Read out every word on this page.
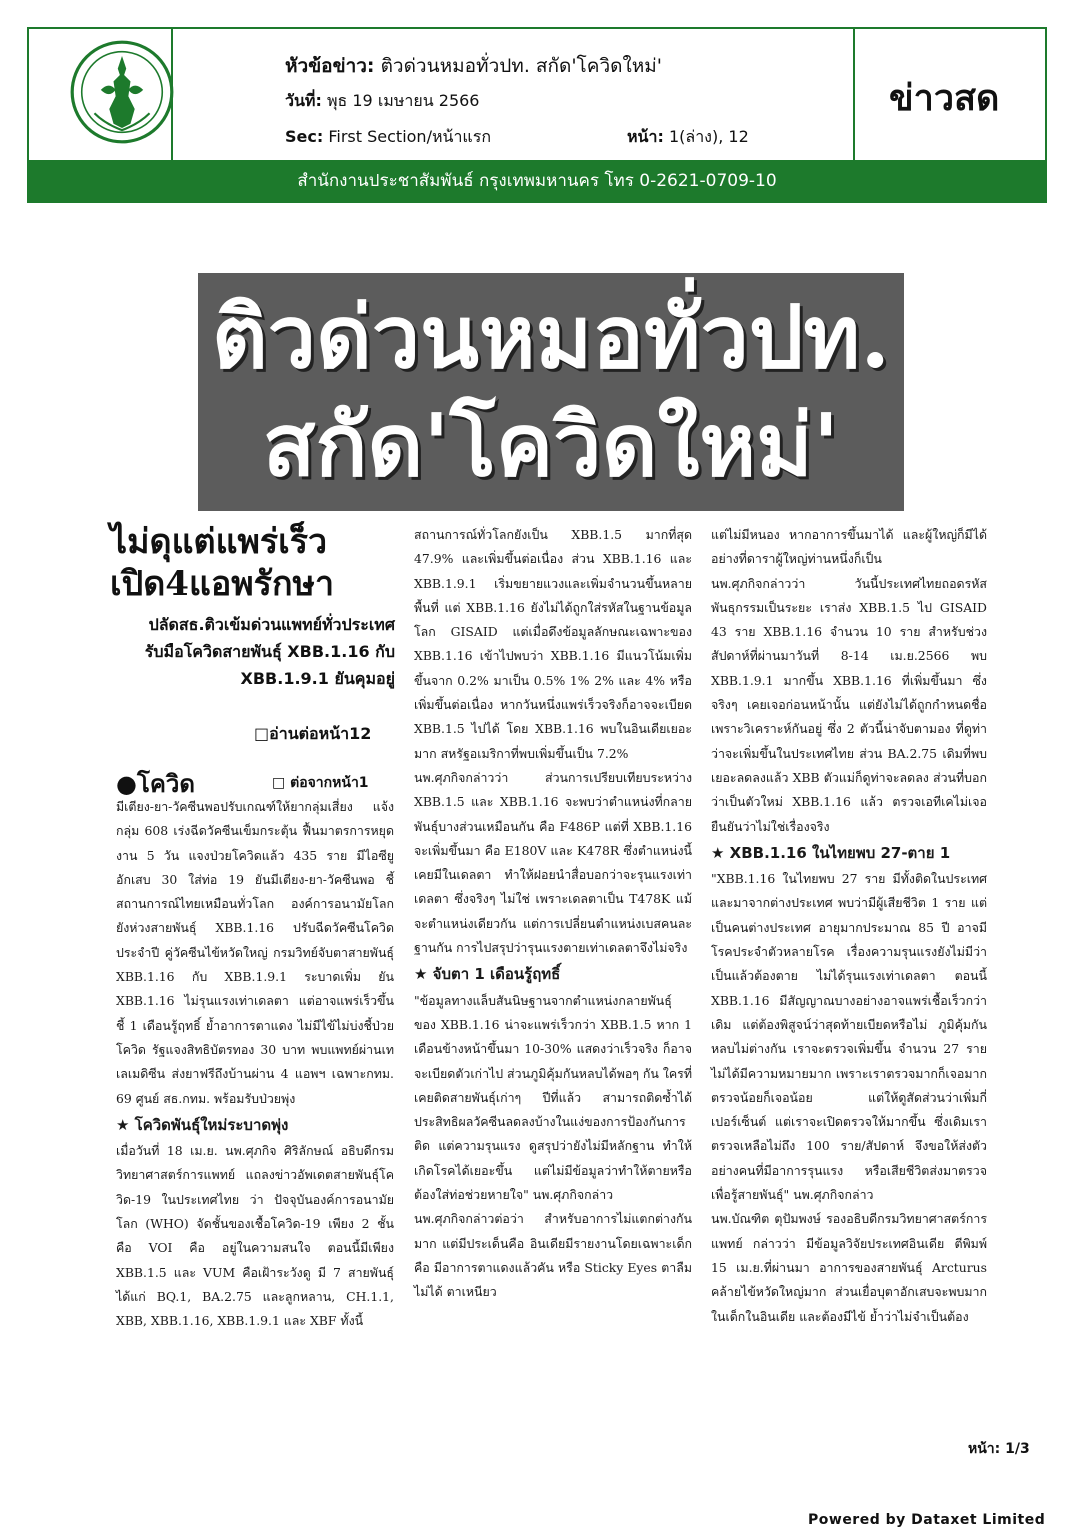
หัวข้อข่าว: ติวด่วนหมอทั่วปท. สกัด'โควิดใหม่'
วันที่: พุธ 19 เมษายน 2566
Sec: First Section/หน้าแรก	หน้า: 1(ล่าง), 12
ข่าวสด
สำนักงานประชาสัมพันธ์ กรุงเทพมหานคร โทร 0-2621-0709-10
ติวด่วนหมอทั่วปท.
สกัด'โควิดใหม่'
ไม่ดุแต่แพร่เร็ว
เปิด4แอพรักษา
ปลัดสธ.ติวเข้มด่วนแพทย์ทั่วประเทศ รับมือโควิดสายพันธุ์ XBB.1.16 กับ XBB.1.9.1 ยันคุมอยู่
□อ่านต่อหน้า12
●โควิด	□ ต่อจากหน้า1

มีเตียง-ยา-วัคซีนพอปรับเกณฑ์ให้ยากลุ่มเสี่ยง แจ้งกลุ่ม 608 เร่งฉีดวัคซีนเข็มกระตุ้น ฟื้นมาตรการหยุดงาน 5 วัน แจงป่วยโควิดแล้ว 435 ราย มีไอซียูอักเสบ 30 ใส่ท่อ 19 ยันมีเตียง-ยา-วัคซีนพอ ชี้สถานการณ์ไทยเหมือนทั่วโลก องค์การอนามัยโลกยังห่วงสายพันธุ์ XBB.1.16 ปรับฉีดวัคซีนโควิดประจำปี คู่วัคซีนไข้หวัดใหญ่ กรมวิทย์จับตาสายพันธุ์ XBB.1.16 กับ XBB.1.9.1 ระบาดเพิ่ม ยัน XBB.1.16 ไม่รุนแรงเท่าเดลตา แต่อาจแพร่เร็วขึ้น ชี้ 1 เดือนรู้ฤทธิ์ ย้ำอาการตาแดง ไม่มีไข้ไม่บ่งชี้ป่วยโควิด รัฐแจงสิทธิบัตรทอง 30 บาท พบแพทย์ผ่านเทเลเมดิซีน ส่งยาฟรีถึงบ้านผ่าน 4 แอพฯ เฉพาะกทม. 69 ศูนย์ สธ.กทม. พร้อมรับป่วยพุ่ง

★ โควิดพันธุ์ใหม่ระบาดพุ่ง

เมื่อวันที่ 18 เม.ย. นพ.ศุภกิจ ศิริลักษณ์ อธิบดีกรมวิทยาศาสตร์การแพทย์ แถลงข่าวอัพเดตสายพันธุ์โควิด-19 ในประเทศไทย ว่า ปัจจุบันองค์การอนามัยโลก (WHO) จัดชั้นของเชื้อโควิด-19 เพียง 2 ชั้น คือ VOI คือ อยู่ในความสนใจ ตอนนี้มีเพียง XBB.1.5 และ VUM คือเฝ้าระวังดู มี 7 สายพันธุ์ ได้แก่ BQ.1, BA.2.75 และลูกหลาน, CH.1.1, XBB, XBB.1.16, XBB.1.9.1 และ XBF ทั้งนี้

สถานการณ์ทั่วโลกยังเป็น XBB.1.5 มากที่สุด 47.9% และเพิ่มขึ้นต่อเนื่อง ส่วน XBB.1.16 และ XBB.1.9.1 เริ่มขยายแวงและเพิ่มจำนวนขึ้นหลายพื้นที่ แต่ XBB.1.16 ยังไม่ได้ถูกใส่รหัสในฐานข้อมูลโลก GISAID แต่เมื่อดึงข้อมูลลักษณะเฉพาะของ XBB.1.16 เข้าไปพบว่า XBB.1.16 มีแนวโน้มเพิ่มขึ้นจาก 0.2% มาเป็น 0.5% 1% 2% และ 4% หรือเพิ่มขึ้นต่อเนื่อง หากวันหนึ่งแพร่เร็วจริงก็อาจจะเบียด XBB.1.5 ไปได้ โดย XBB.1.16 พบในอินเดียเยอะมาก สหรัฐอเมริกาที่พบเพิ่มขึ้นเป็น 7.2%

นพ.ศุภกิจกล่าวว่า ส่วนการเปรียบเทียบระหว่าง XBB.1.5 และ XBB.1.16 จะพบว่าตำแหน่งที่กลายพันธุ์บางส่วนเหมือนกัน คือ F486P แต่ที่ XBB.1.16 จะเพิ่มขึ้นมา คือ E180V และ K478R ซึ่งตำแหน่งนี้เคยมีในเดลตา ทำให้ฝอยนำสื่อบอกว่าจะรุนแรงเท่าเดลตา ซึ่งจริงๆ ไม่ใช่ เพราะเดลตาเป็น T478K แม้จะตำแหน่งเดียวกัน แต่การเปลี่ยนตำแหน่งเบสคนละฐานกัน การไปสรุปว่ารุนแรงตายเท่าเดลตาจึงไม่จริง

★ จับตา 1 เดือนรู้ฤทธิ์

"ข้อมูลทางแล็บสันนิษฐานจากตำแหน่งกลายพันธุ์ของ XBB.1.16 น่าจะแพร่เร็วกว่า XBB.1.5 หาก 1 เดือนข้างหน้าขึ้นมา 10-30% แสดงว่าเร็วจริง ก็อาจจะเบียดตัวเก่าไป ส่วนภูมิคุ้มกันหลบได้พอๆ กัน ใครที่เคยติดสายพันธุ์เก่าๆ ปีที่แล้ว สามารถติดซ้ำได้ ประสิทธิผลวัคซีนลดลงบ้างในแง่ของการป้องกันการติด แต่ความรุนแรง ดูสรุปว่ายังไม่มีหลักฐาน ทำให้เกิดโรคได้เยอะขึ้น แต่ไม่มีข้อมูลว่าทำให้ตายหรือต้องใส่ท่อช่วยหายใจ" นพ.ศุภกิจกล่าว

นพ.ศุภกิจกล่าวต่อว่า สำหรับอาการไม่แตกต่างกันมาก แต่มีประเด็นคือ อินเดียมีรายงานโดยเฉพาะเด็ก คือ มีอาการตาแดงแล้วคัน หรือ Sticky Eyes ตาลืมไม่ได้ ตาเหนียว

แต่ไม่มีหนอง หากอาการขึ้นมาได้ และผู้ใหญ่ก็มีได้ อย่างที่ดาราผู้ใหญ่ท่านหนึ่งก็เป็น

นพ.ศุภกิจกล่าวว่า วันนี้ประเทศไทยถอดรหัสพันธุกรรมเป็นระยะ เราส่ง XBB.1.5 ไป GISAID 43 ราย XBB.1.16 จำนวน 10 ราย สำหรับช่วงสัปดาห์ที่ผ่านมาวันที่ 8-14 เม.ย.2566 พบ XBB.1.9.1 มากขึ้น XBB.1.16 ที่เพิ่มขึ้นมา ซึ่งจริงๆ เคยเจอก่อนหน้านั้น แต่ยังไม่ได้ถูกกำหนดชื่อเพราะวิเคราะห์กันอยู่ ซึ่ง 2 ตัวนี้น่าจับตามอง ที่ดูท่าว่าจะเพิ่มขึ้นในประเทศไทย ส่วน BA.2.75 เดิมที่พบเยอะลดลงแล้ว XBB ตัวแม่ก็ดูท่าจะลดลง ส่วนที่บอกว่าเป็นตัวใหม่ XBB.1.16 แล้ว ตรวจเอทีเคไม่เจอ ยืนยันว่าไม่ใช่เรื่องจริง

★ XBB.1.16 ในไทยพบ 27-ตาย 1

"XBB.1.16 ในไทยพบ 27 ราย มีทั้งติดในประเทศและมาจากต่างประเทศ พบว่ามีผู้เสียชีวิต 1 ราย แต่เป็นคนต่างประเทศ อายุมากประมาณ 85 ปี อาจมีโรคประจำตัวหลายโรค เรื่องความรุนแรงยังไม่มีว่าเป็นแล้วต้องตาย ไม่ได้รุนแรงเท่าเดลตา ตอนนี้ XBB.1.16 มีสัญญาณบางอย่างอาจแพร่เชื้อเร็วกว่าเดิม แต่ต้องพิสูจน์ว่าสุดท้ายเบียดหรือไม่ ภูมิคุ้มกันหลบไม่ต่างกัน เราจะตรวจเพิ่มขึ้น จำนวน 27 รายไม่ได้มีความหมายมาก เพราะเราตรวจมากก็เจอมาก ตรวจน้อยก็เจอน้อย แต่ให้ดูสัดส่วนว่าเพิ่มกี่เปอร์เซ็นต์ แต่เราจะเปิดตรวจให้มากขึ้น ซึ่งเดิมเราตรวจเหลือไม่ถึง 100 ราย/สัปดาห์ จึงขอให้ส่งตัวอย่างคนที่มีอาการรุนแรง หรือเสียชีวิตส่งมาตรวจเพื่อรู้สายพันธุ์" นพ.ศุภกิจกล่าว

นพ.บัณฑิต ตุปัมพงษ์ รองอธิบดีกรมวิทยาศาสตร์การแพทย์ กล่าวว่า มีข้อมูลวิจัยประเทศอินเดีย ตีพิมพ์ 15 เม.ย.ที่ผ่านมา อาการของสายพันธุ์ Arcturus คล้ายไข้หวัดใหญ่มาก ส่วนเยื่อบุตาอักเสบจะพบมากในเด็กในอินเดีย และต้องมีไข้ ย้ำว่าไม่จำเป็นต้อง

หน้า: 1/3
Powered by Dataxet Limited
